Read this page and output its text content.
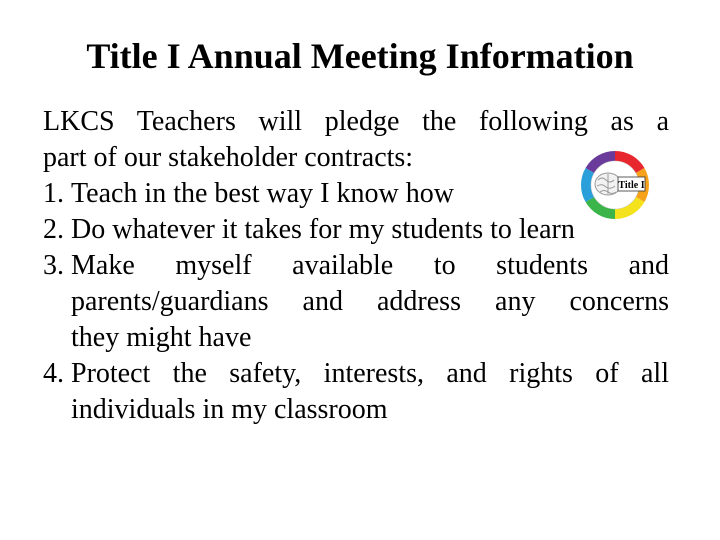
Title I Annual Meeting Information
LKCS Teachers will pledge the following as a
part of our stakeholder contracts:
1. Teach in the best way I know how
2. Do whatever it takes for my students to learn
3. Make myself available to students and
parents/guardians and address any concerns
they might have
4. Protect the safety, interests, and rights of all
individuals in my classroom
Title I
